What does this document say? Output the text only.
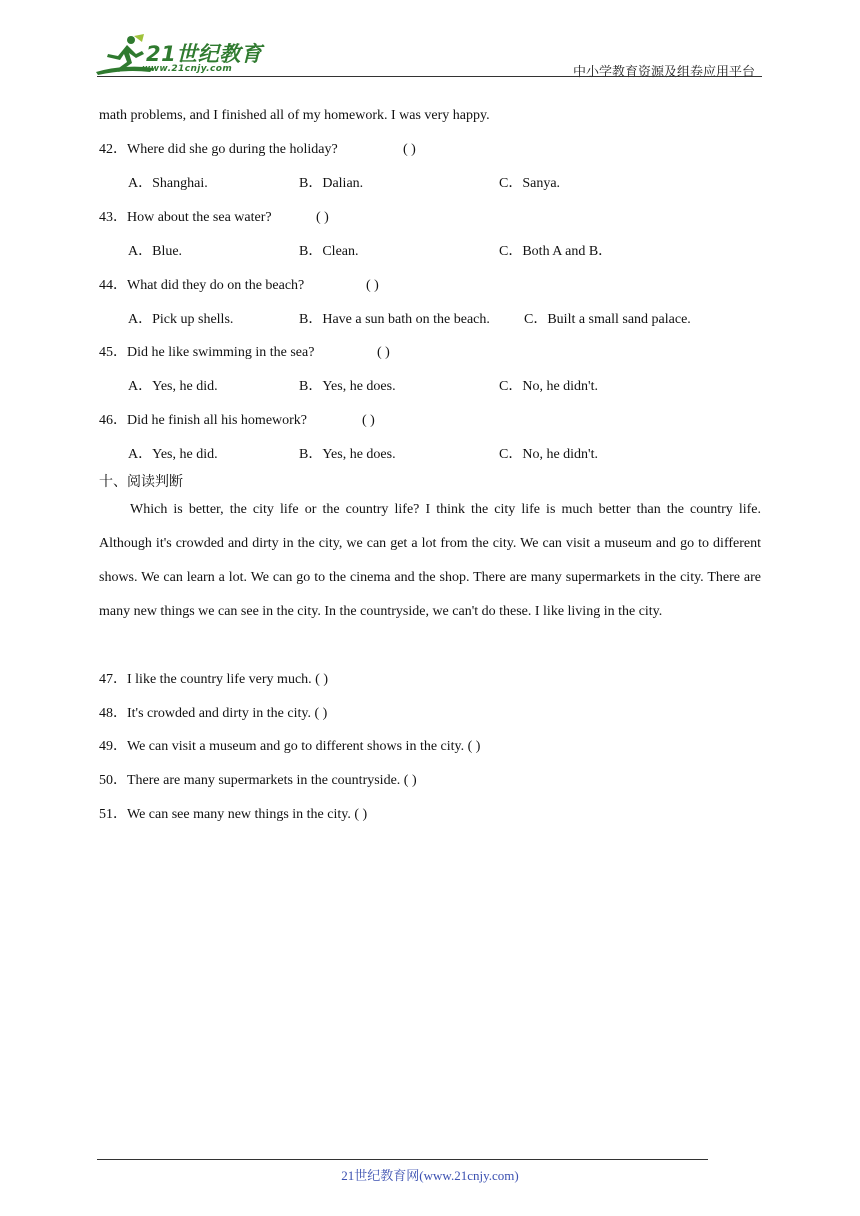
21世纪教育
www.21cnjy.com	中小学教育资源及组卷应用平台
math problems, and I finished all of my homework. I was very happy.
42．Where did she go during the holiday?	( )
A．Shanghai.	B．Dalian.	C．Sanya.
43．How about the sea water?	( )
A．Blue.	B．Clean.	C．Both A and B．
44．What did they do on the beach?	( )
A．Pick up shells.	B．Have a sun bath on the beach. C．Built a small sand palace.
45．Did he like swimming in the sea?	( )
A．Yes, he did.	B．Yes, he does.	C．No, he didn't.
46．Did he finish all his homework?	( )
A．Yes, he did.	B．Yes, he does.	C．No, he didn't.
十、阅读判断
Which is better, the city life or the country life? I think the city life is much better than the country life. Although it's crowded and dirty in the city, we can get a lot from the city. We can visit a museum and go to different shows. We can learn a lot. We can go to the cinema and the shop. There are many supermarkets in the city. There are many new things we can see in the city. In the countryside, we can't do these. I like living in the city.
47．I like the country life very much. ( )
48．It's crowded and dirty in the city. ( )
49．We can visit a museum and go to different shows in the city. ( )
50．There are many supermarkets in the countryside. ( )
51．We can see many new things in the city. ( )
21世纪教育网(www.21cnjy.com)
